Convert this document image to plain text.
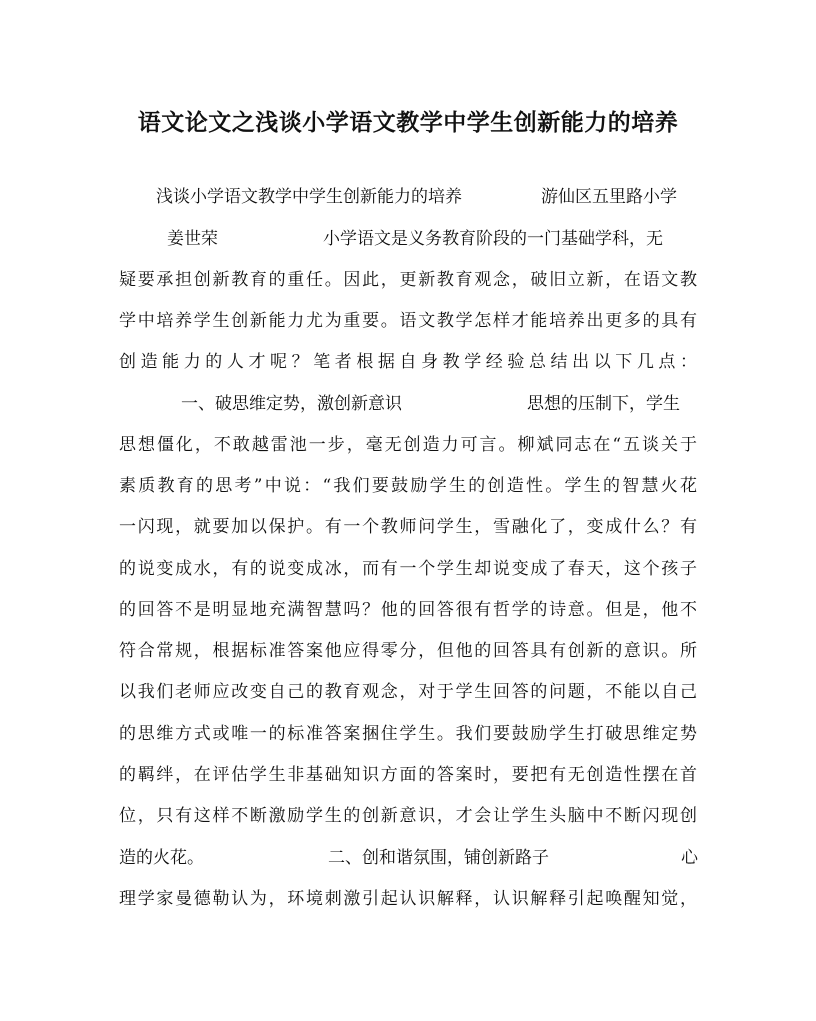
语文论文之浅谈小学语文教学中学生创新能力的培养
浅谈小学语文教学中学生创新能力的培养	游仙区五里路小学
姜世荣	小学语文是义务教育阶段的一门基础学科，无
疑要承担创新教育的重任。因此，更新教育观念，破旧立新，在语文教
学中培养学生创新能力尤为重要。语文教学怎样才能培养出更多的具有
创造能力的人才呢？笔者根据自身教学经验总结出以下几点：
一、破思维定势，激创新意识	思想的压制下，学生
思想僵化，不敢越雷池一步，毫无创造力可言。柳斌同志在“五谈关于
素质教育的思考”中说：“我们要鼓励学生的创造性。学生的智慧火花
一闪现，就要加以保护。有一个教师问学生，雪融化了，变成什么？有
的说变成水，有的说变成冰，而有一个学生却说变成了春天，这个孩子
的回答不是明显地充满智慧吗？他的回答很有哲学的诗意。但是，他不
符合常规，根据标准答案他应得零分，但他的回答具有创新的意识。所
以我们老师应改变自己的教育观念，对于学生回答的问题，不能以自己
的思维方式或唯一的标准答案捆住学生。我们要鼓励学生打破思维定势
的羁绊，在评估学生非基础知识方面的答案时，要把有无创造性摆在首
位，只有这样不断激励学生的创新意识，才会让学生头脑中不断闪现创
造的火花。	二、创和谐氛围，铺创新路子	心
理学家曼德勒认为，环境刺激引起认识解释，认识解释引起唤醒知觉，
